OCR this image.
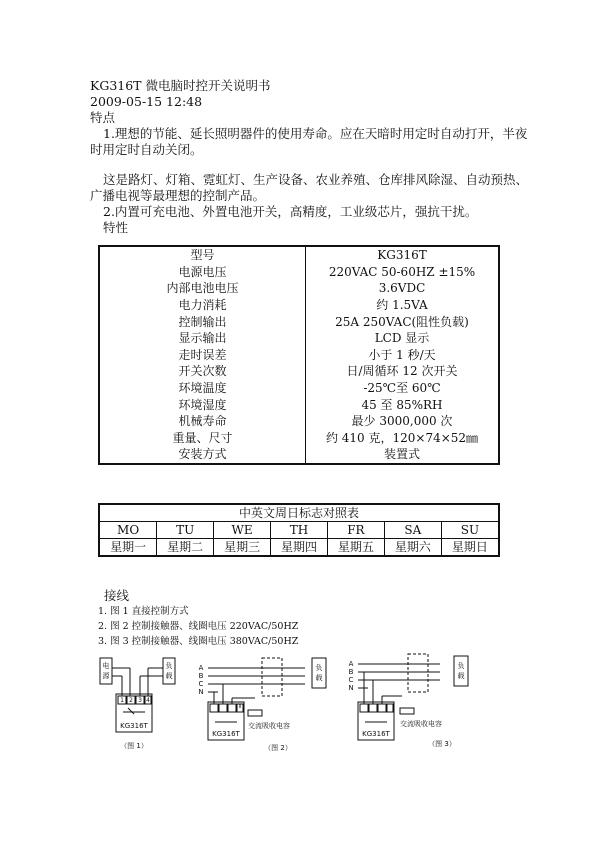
KG316T 微电脑时控开关说明书
2009-05-15 12:48
特点
1.理想的节能、延长照明器件的使用寿命。应在天暗时用定时自动打开，半夜
时用定时自动关闭。
这是路灯、灯箱、霓虹灯、生产设备、农业养殖、仓库排风除湿、自动预热、
广播电视等最理想的控制产品。
2.内置可充电池、外置电池开关，高精度，工业级芯片，强抗干扰。
特性
型号	KG316T
电源电压	220VAC 50-60HZ ±15%
内部电池电压	3.6VDC
电力消耗	约 1.5VA
控制输出	25A 250VAC(阻性负载)
显示输出	LCD 显示
走时误差	小于 1 秒/天
开关次数	日/周循环 12 次开关
环境温度	-25℃至 60℃
环境湿度	45 至 85%RH
机械寿命	最少 3000,000 次
重量、尺寸	约 410 克，120×74×52㎜
安装方式	装置式
中英文周日标志对照表						
MO	TU	WE	TH	FR	SA	SU
星期一	星期二	星期三	星期四	星期五	星期六	星期日
接线
1. 图 1 直接控制方式
2. 图 2 控制接触器、线圈电压 220VAC/50HZ
3. 图 3 控制接触器、线圈电压 380VAC/50HZ
电
源
负
载
1 2 3 4
KG316T
（图 1）
A
B
C
N
负
载
交流吸收电容
KG316T
（图 2）
A
B
C
N
负
载
交流吸收电容
KG316T
（图 3）
